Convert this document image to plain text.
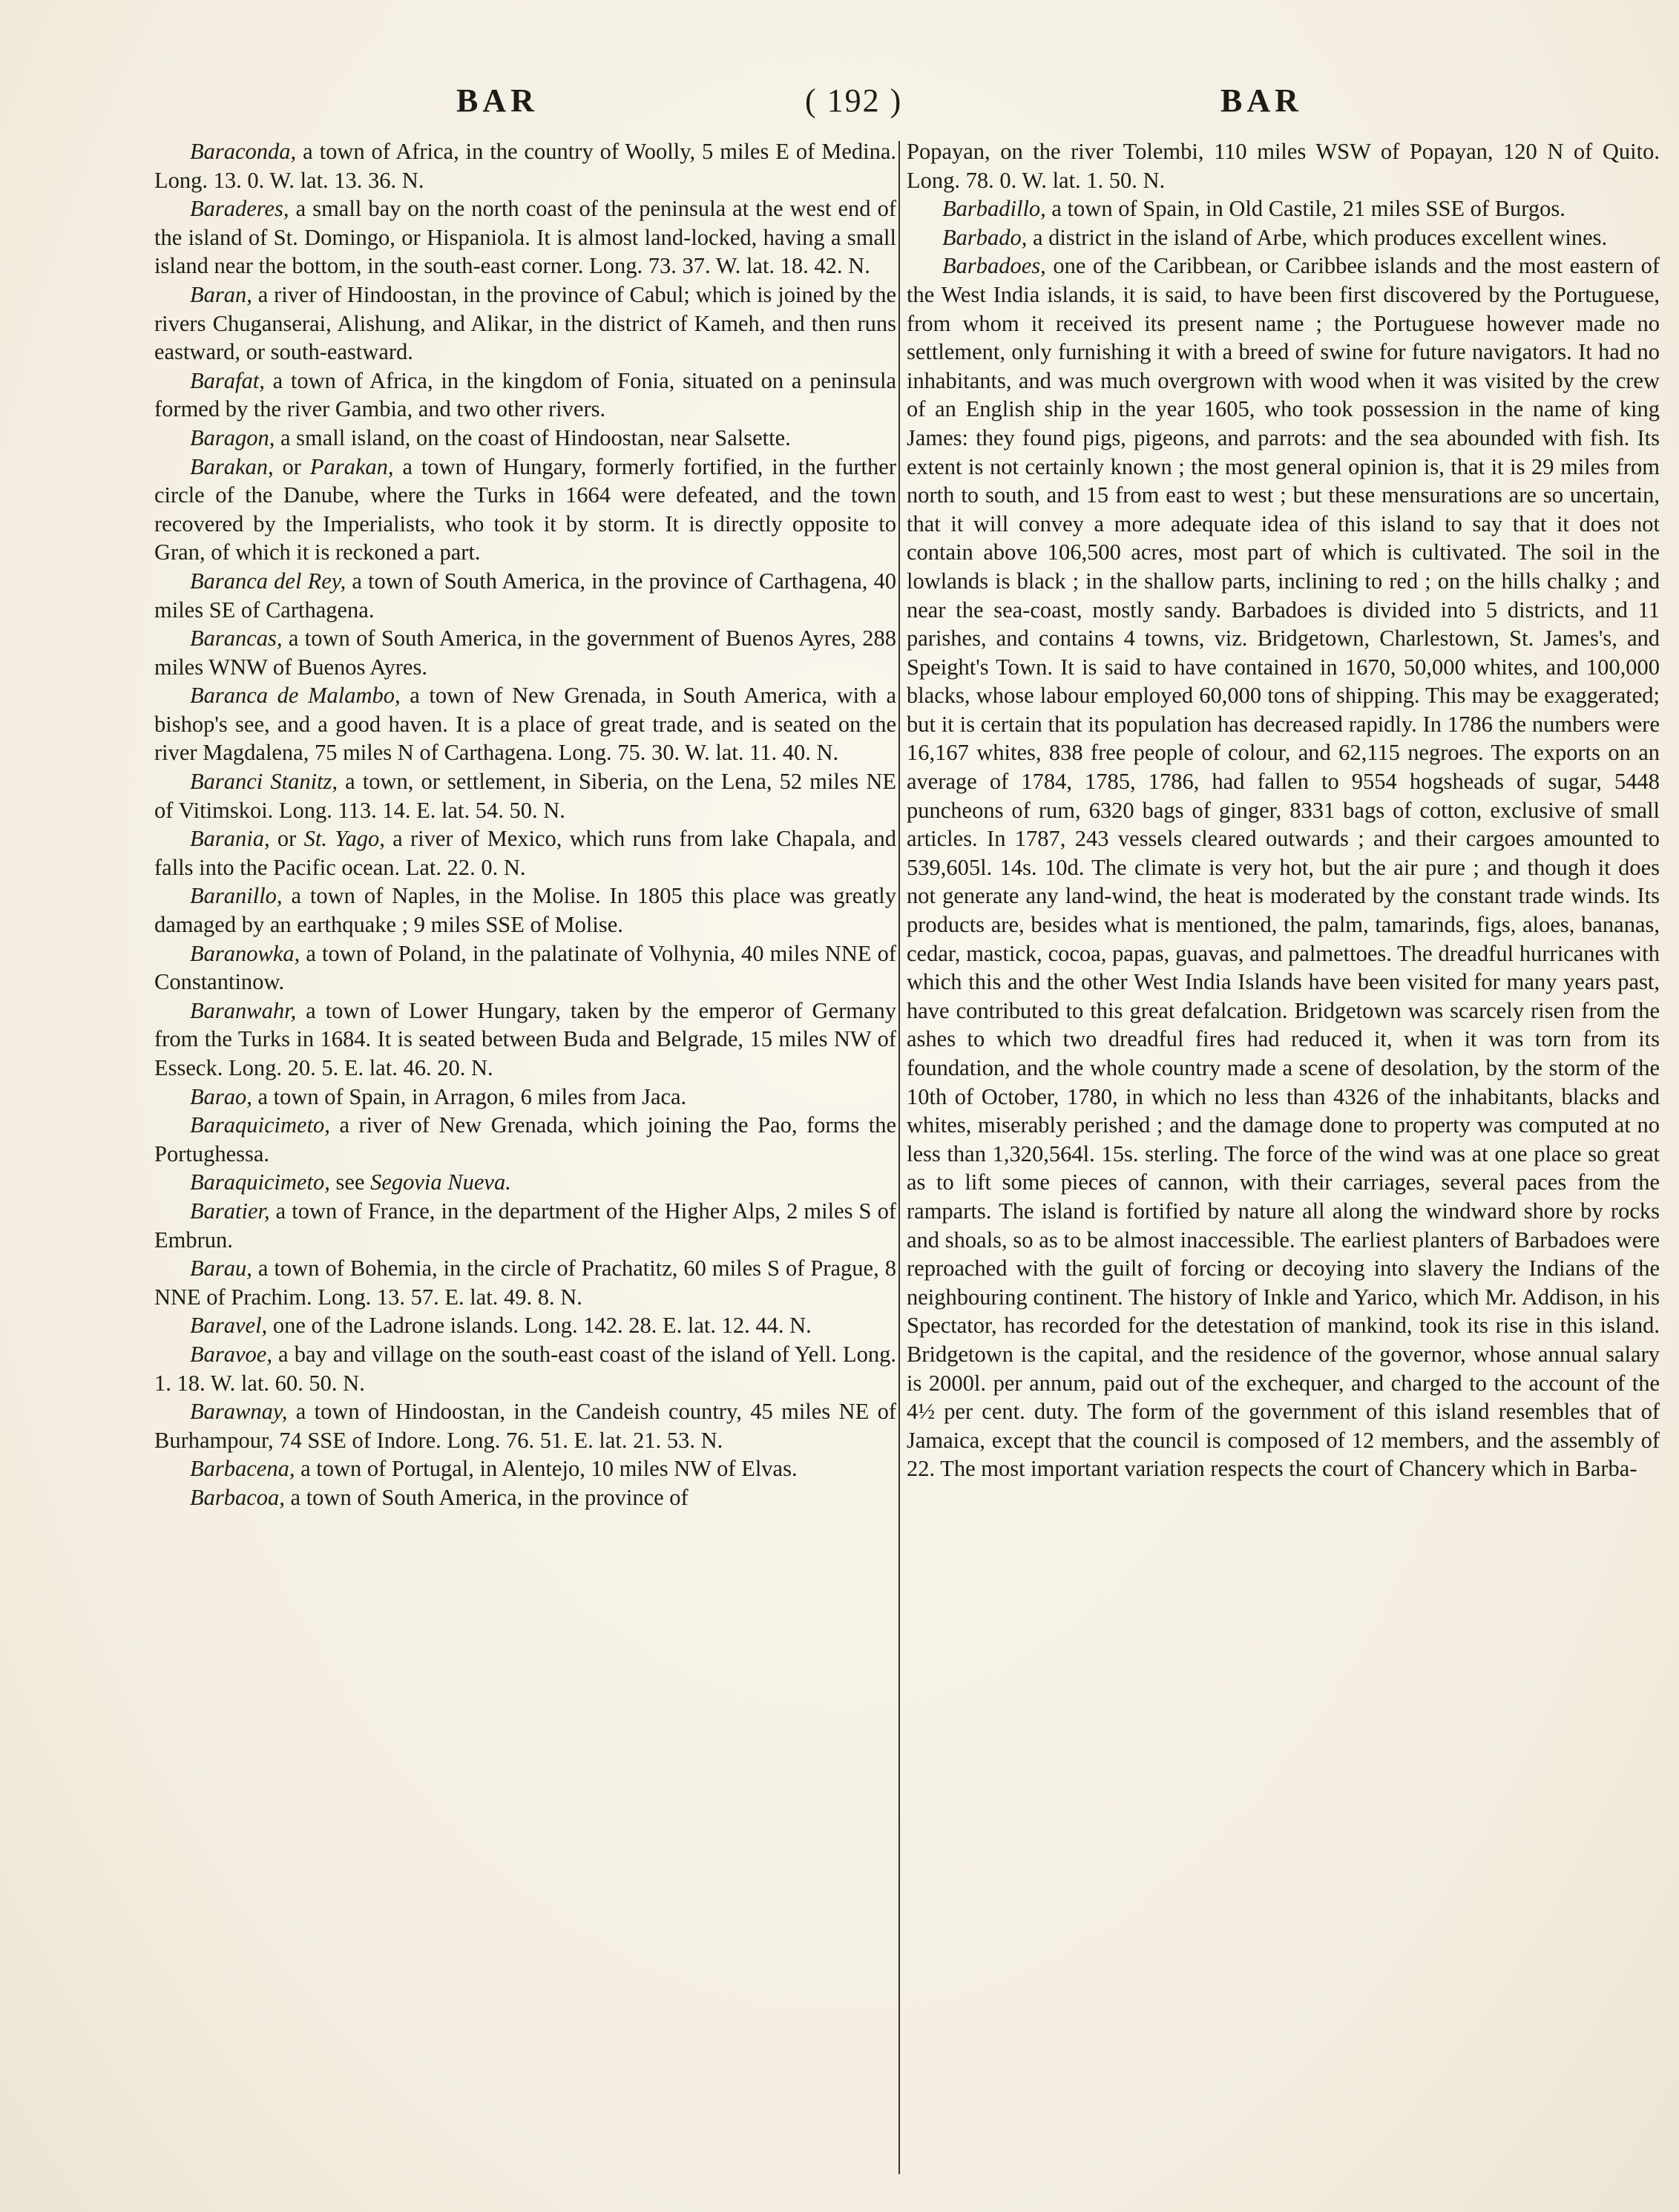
BAR	( 192 )	BAR

Baraconda, a town of Africa, in the country of Woolly, 5 miles E of Medina. Long. 13. 0. W. lat. 13. 36. N.

Baraderes, a small bay on the north coast of the peninsula at the west end of the island of St. Domingo, or Hispaniola. It is almost land-locked, having a small island near the bottom, in the south-east corner. Long. 73. 37. W. lat. 18. 42. N.

Baran, a river of Hindoostan, in the province of Cabul; which is joined by the rivers Chuganserai, Alishung, and Alikar, in the district of Kameh, and then runs eastward, or south-eastward.

Barafat, a town of Africa, in the kingdom of Fonia, situated on a peninsula formed by the river Gambia, and two other rivers.

Baragon, a small island, on the coast of Hindoostan, near Salsette.

Barakan, or Parakan, a town of Hungary, formerly fortified, in the further circle of the Danube, where the Turks in 1664 were defeated, and the town recovered by the Imperialists, who took it by storm. It is directly opposite to Gran, of which it is reckoned a part.

Baranca del Rey, a town of South America, in the province of Carthagena, 40 miles SE of Carthagena.

Barancas, a town of South America, in the government of Buenos Ayres, 288 miles WNW of Buenos Ayres.

Baranca de Malambo, a town of New Grenada, in South America, with a bishop's see, and a good haven. It is a place of great trade, and is seated on the river Magdalena, 75 miles N of Carthagena. Long. 75. 30. W. lat. 11. 40. N.

Baranci Stanitz, a town, or settlement, in Siberia, on the Lena, 52 miles NE of Vitimskoi. Long. 113. 14. E. lat. 54. 50. N.

Barania, or St. Yago, a river of Mexico, which runs from lake Chapala, and falls into the Pacific ocean. Lat. 22. 0. N.

Baranillo, a town of Naples, in the Molise. In 1805 this place was greatly damaged by an earthquake ; 9 miles SSE of Molise.

Baranowka, a town of Poland, in the palatinate of Volhynia, 40 miles NNE of Constantinow.

Baranwahr, a town of Lower Hungary, taken by the emperor of Germany from the Turks in 1684. It is seated between Buda and Belgrade, 15 miles NW of Esseck. Long. 20. 5. E. lat. 46. 20. N.

Barao, a town of Spain, in Arragon, 6 miles from Jaca.

Baraquicimeto, a river of New Grenada, which joining the Pao, forms the Portughessa.

Baraquicimeto, see Segovia Nueva.

Baratier, a town of France, in the department of the Higher Alps, 2 miles S of Embrun.

Barau, a town of Bohemia, in the circle of Prachatitz, 60 miles S of Prague, 8 NNE of Prachim. Long. 13. 57. E. lat. 49. 8. N.

Baravel, one of the Ladrone islands. Long. 142. 28. E. lat. 12. 44. N.

Baravoe, a bay and village on the south-east coast of the island of Yell. Long. 1. 18. W. lat. 60. 50. N.

Barawnay, a town of Hindoostan, in the Candeish country, 45 miles NE of Burhampour, 74 SSE of Indore. Long. 76. 51. E. lat. 21. 53. N.

Barbacena, a town of Portugal, in Alentejo, 10 miles NW of Elvas.

Barbacoa, a town of South America, in the province of

Popayan, on the river Tolembi, 110 miles WSW of Popayan, 120 N of Quito. Long. 78. 0. W. lat. 1. 50. N.

Barbadillo, a town of Spain, in Old Castile, 21 miles SSE of Burgos.

Barbado, a district in the island of Arbe, which produces excellent wines.

Barbadoes, one of the Caribbean, or Caribbee islands and the most eastern of the West India islands, it is said, to have been first discovered by the Portuguese, from whom it received its present name ; the Portuguese however made no settlement, only furnishing it with a breed of swine for future navigators. It had no inhabitants, and was much overgrown with wood when it was visited by the crew of an English ship in the year 1605, who took possession in the name of king James: they found pigs, pigeons, and parrots: and the sea abounded with fish. Its extent is not certainly known ; the most general opinion is, that it is 29 miles from north to south, and 15 from east to west ; but these mensurations are so uncertain, that it will convey a more adequate idea of this island to say that it does not contain above 106,500 acres, most part of which is cultivated. The soil in the lowlands is black ; in the shallow parts, inclining to red ; on the hills chalky ; and near the sea-coast, mostly sandy. Barbadoes is divided into 5 districts, and 11 parishes, and contains 4 towns, viz. Bridgetown, Charlestown, St. James's, and Speight's Town. It is said to have contained in 1670, 50,000 whites, and 100,000 blacks, whose labour employed 60,000 tons of shipping. This may be exaggerated; but it is certain that its population has decreased rapidly. In 1786 the numbers were 16,167 whites, 838 free people of colour, and 62,115 negroes. The exports on an average of 1784, 1785, 1786, had fallen to 9554 hogsheads of sugar, 5448 puncheons of rum, 6320 bags of ginger, 8331 bags of cotton, exclusive of small articles. In 1787, 243 vessels cleared outwards ; and their cargoes amounted to 539,605l. 14s. 10d. The climate is very hot, but the air pure ; and though it does not generate any land-wind, the heat is moderated by the constant trade winds. Its products are, besides what is mentioned, the palm, tamarinds, figs, aloes, bananas, cedar, mastick, cocoa, papas, guavas, and palmettoes. The dreadful hurricanes with which this and the other West India Islands have been visited for many years past, have contributed to this great defalcation. Bridgetown was scarcely risen from the ashes to which two dreadful fires had reduced it, when it was torn from its foundation, and the whole country made a scene of desolation, by the storm of the 10th of October, 1780, in which no less than 4326 of the inhabitants, blacks and whites, miserably perished ; and the damage done to property was computed at no less than 1,320,564l. 15s. sterling. The force of the wind was at one place so great as to lift some pieces of cannon, with their carriages, several paces from the ramparts. The island is fortified by nature all along the windward shore by rocks and shoals, so as to be almost inaccessible. The earliest planters of Barbadoes were reproached with the guilt of forcing or decoying into slavery the Indians of the neighbouring continent. The history of Inkle and Yarico, which Mr. Addison, in his Spectator, has recorded for the detestation of mankind, took its rise in this island. Bridgetown is the capital, and the residence of the governor, whose annual salary is 2000l. per annum, paid out of the exchequer, and charged to the account of the 4½ per cent. duty. The form of the government of this island resembles that of Jamaica, except that the council is composed of 12 members, and the assembly of 22. The most important variation respects the court of Chancery which in Barba-
